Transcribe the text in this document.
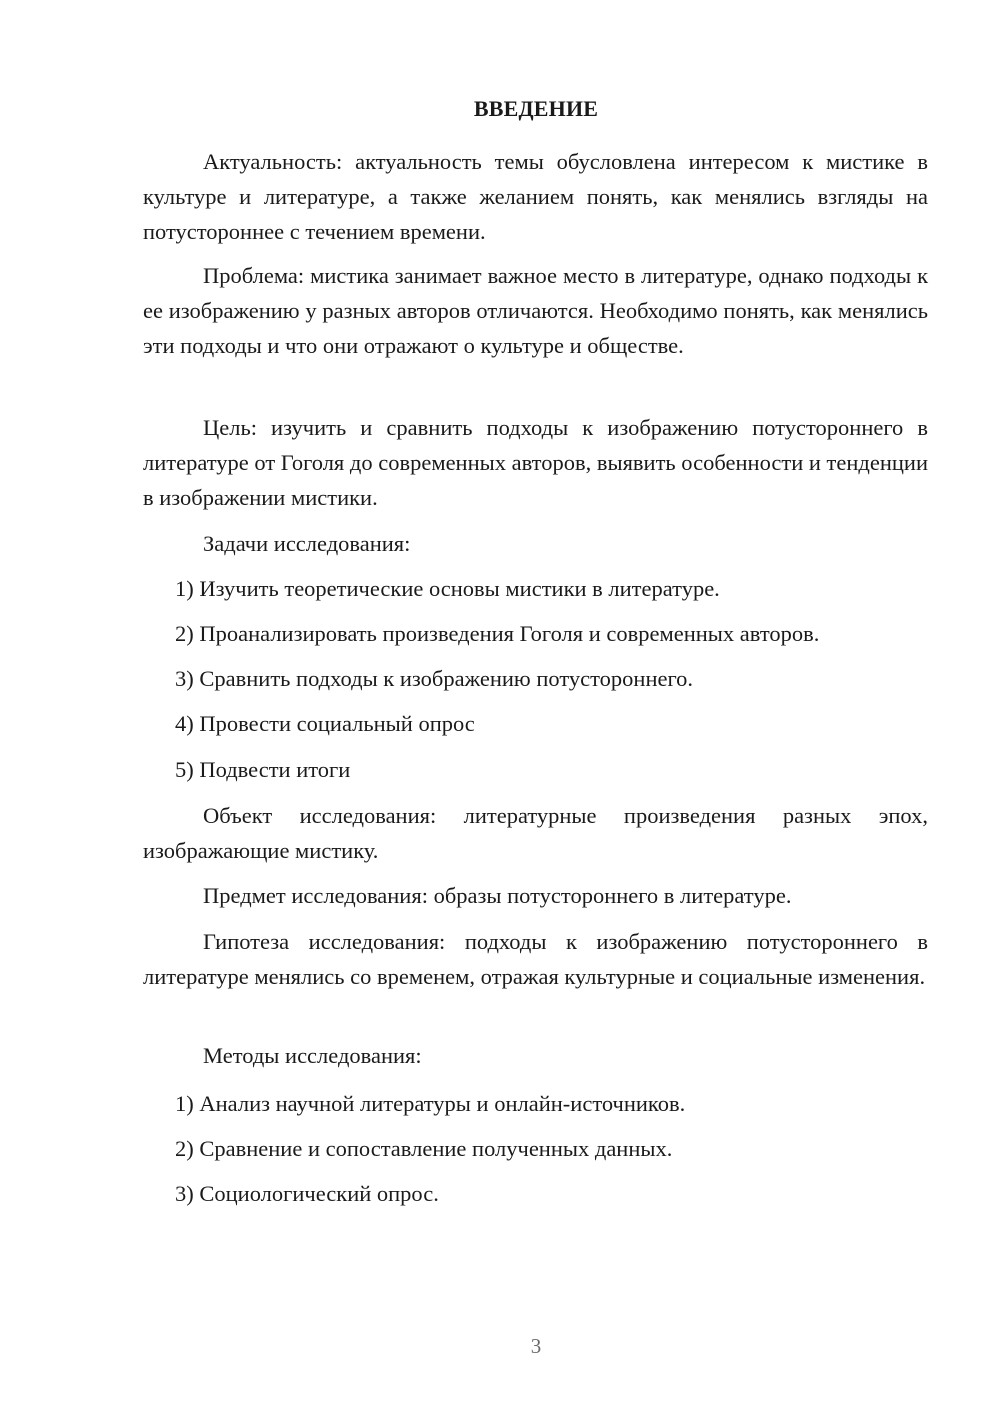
ВВЕДЕНИЕ
Актуальность: актуальность темы обусловлена интересом к мистике в культуре и литературе, а также желанием понять, как менялись взгляды на потустороннее с течением времени.
Проблема: мистика занимает важное место в литературе, однако подходы к ее изображению у разных авторов отличаются. Необходимо понять, как менялись эти подходы и что они отражают о культуре и обществе.
Цель: изучить и сравнить подходы к изображению потустороннего в литературе от Гоголя до современных авторов, выявить особенности и тенденции в изображении мистики.
Задачи исследования:
1) Изучить теоретические основы мистики в литературе.
2) Проанализировать произведения Гоголя и современных авторов.
3) Сравнить подходы к изображению потустороннего.
4) Провести социальный опрос
5) Подвести итоги
Объект исследования: литературные произведения разных эпох, изображающие мистику.
Предмет исследования: образы потустороннего в литературе.
Гипотеза исследования: подходы к изображению потустороннего в литературе менялись со временем, отражая культурные и социальные изменения.
Методы исследования:
1) Анализ научной литературы и онлайн-источников.
2) Сравнение и сопоставление полученных данных.
3) Социологический опрос.
3
